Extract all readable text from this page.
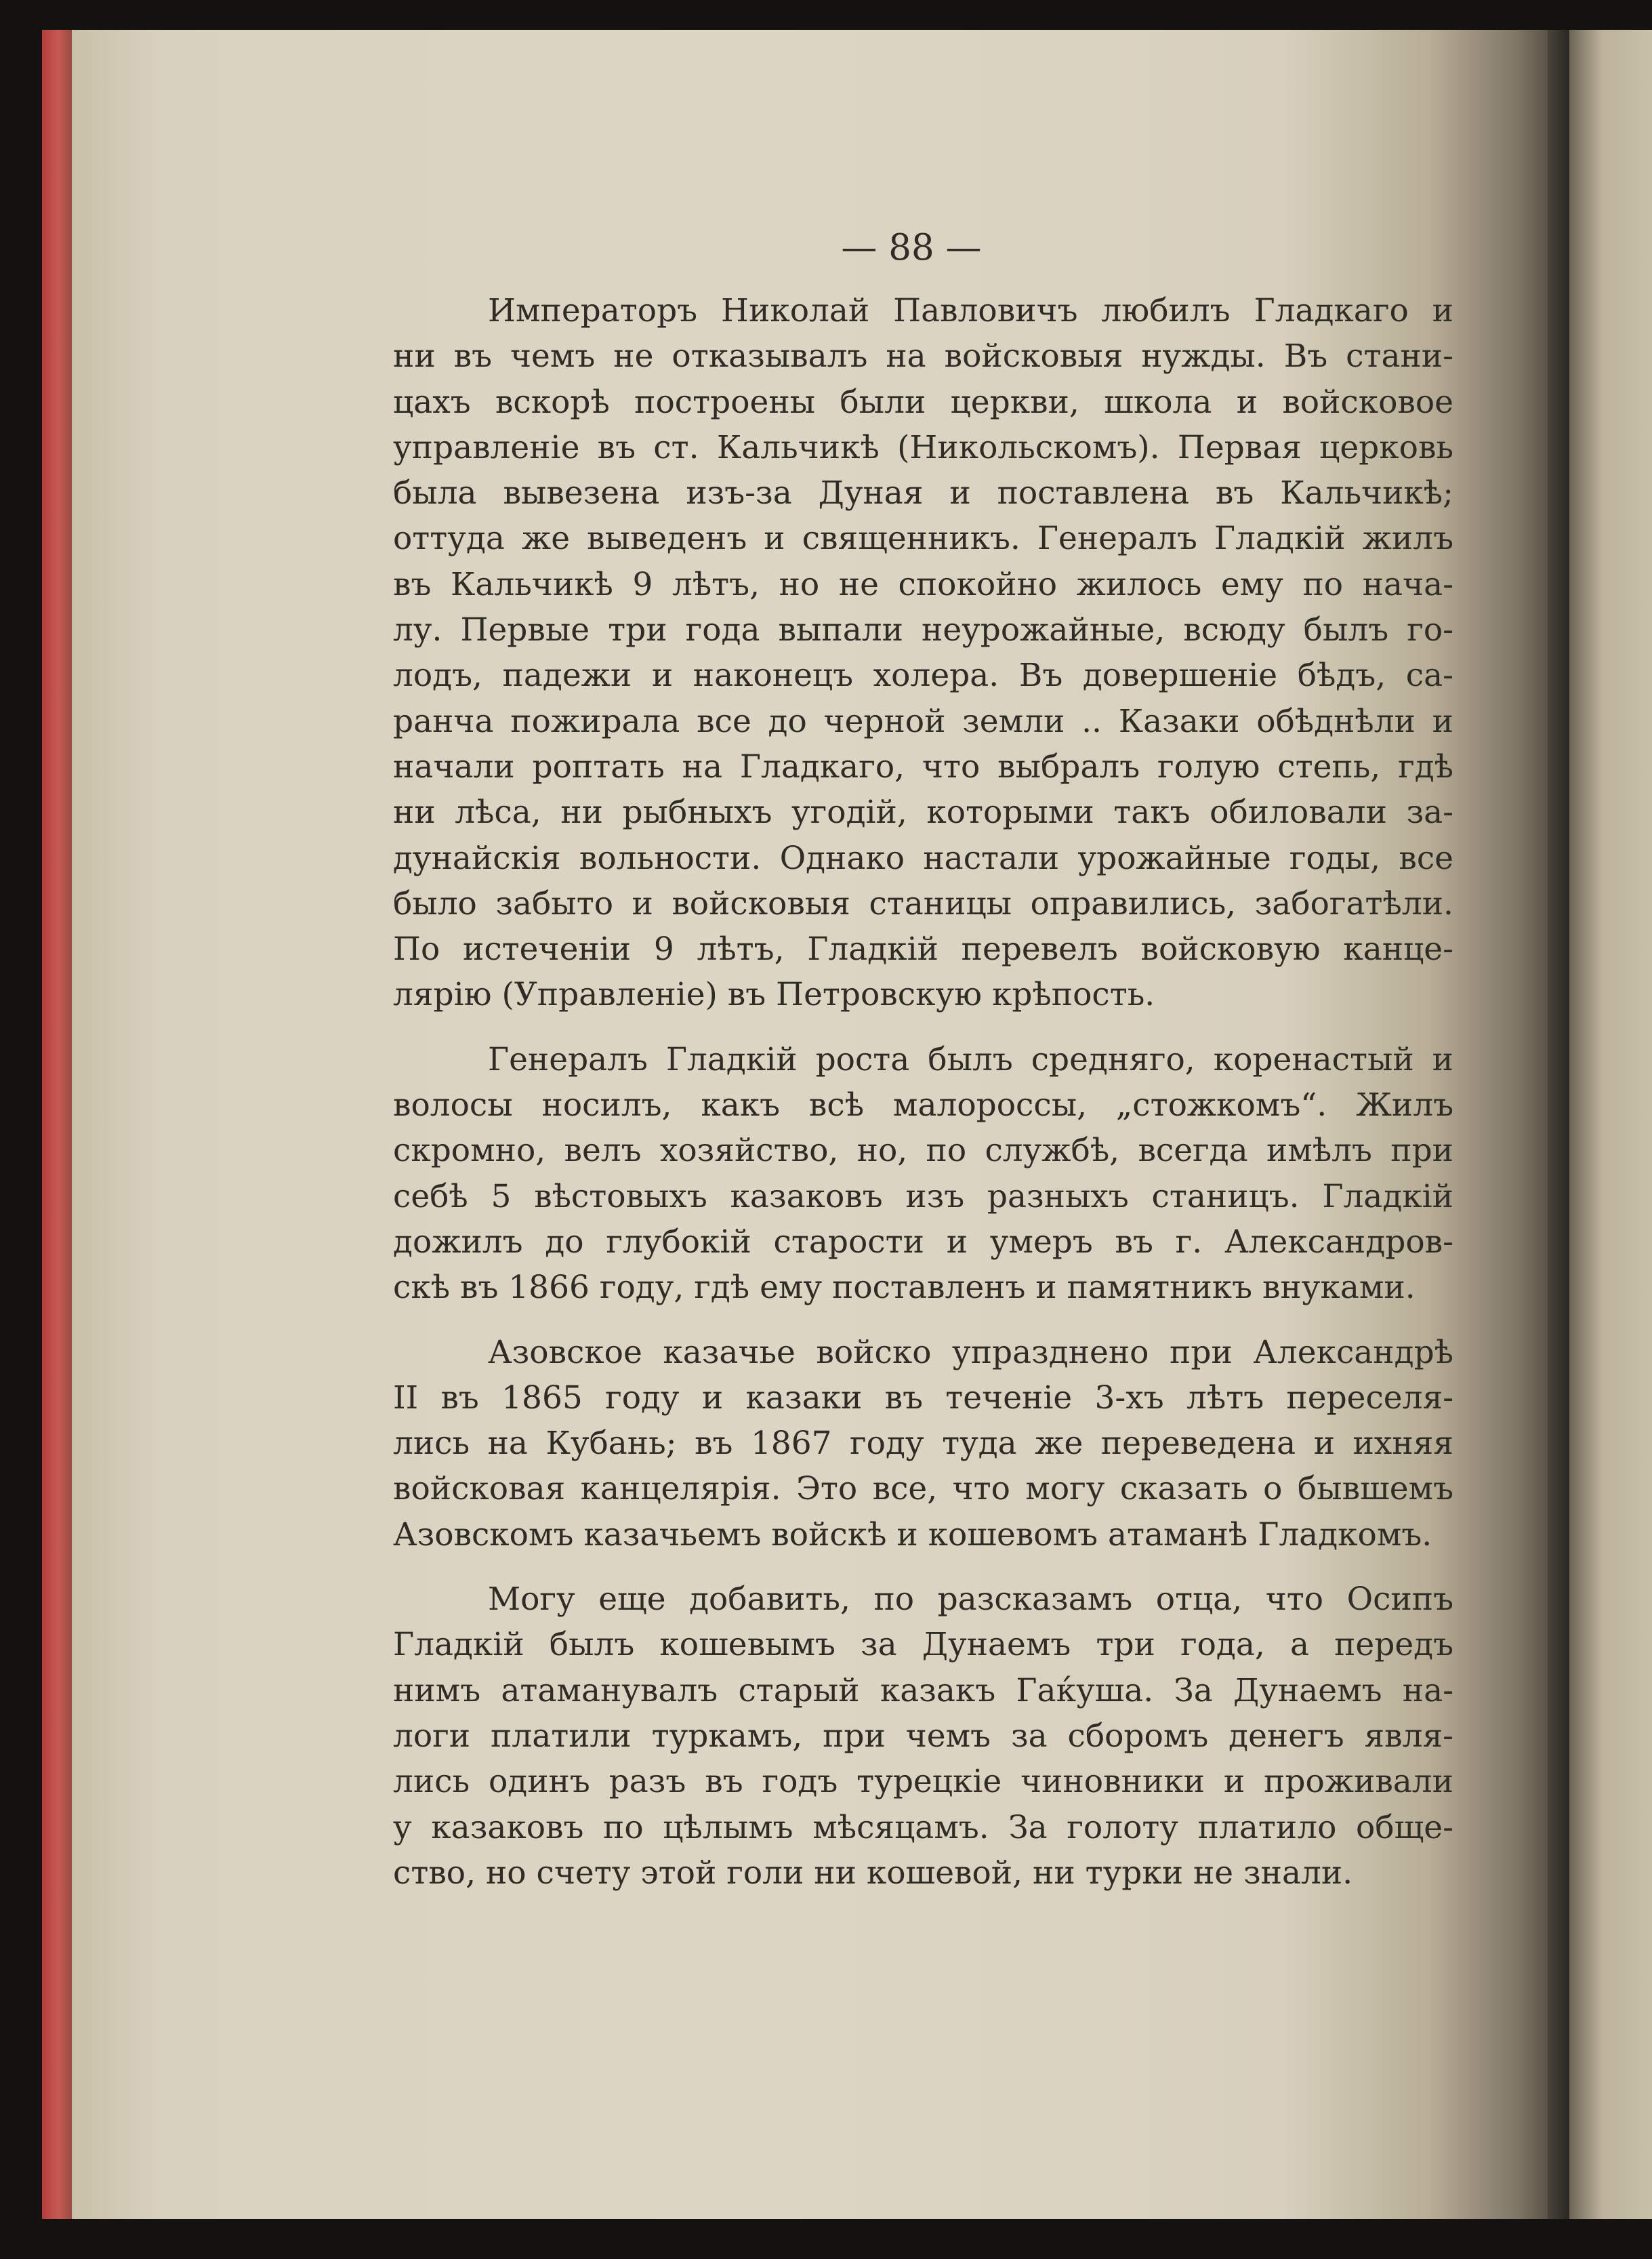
— 88 —
Императоръ Николай Павловичъ любилъ Гладкаго и
ни въ чемъ не отказывалъ на войсковыя нужды. Въ стани-
цахъ вскорѣ построены были церкви, школа и войсковое
управленіе въ ст. Кальчикѣ (Никольскомъ). Первая церковь
была вывезена изъ-за Дуная и поставлена въ Кальчикѣ;
оттуда же выведенъ и священникъ. Генералъ Гладкій жилъ
въ Кальчикѣ 9 лѣтъ, но не спокойно жилось ему по нача-
лу. Первые три года выпали неурожайные, всюду былъ го-
лодъ, падежи и наконецъ холера. Въ довершеніе бѣдъ, са-
ранча пожирала все до черной земли .. Казаки обѣднѣли и
начали роптать на Гладкаго, что выбралъ голую степь, гдѣ
ни лѣса, ни рыбныхъ угодій, которыми такъ обиловали за-
дунайскія вольности. Однако настали урожайные годы, все
было забыто и войсковыя станицы оправились, забогатѣли.
По истеченіи 9 лѣтъ, Гладкій перевелъ войсковую канце-
лярію (Управленіе) въ Петровскую крѣпость.
Генералъ Гладкій роста былъ средняго, коренастый и
волосы носилъ, какъ всѣ малороссы, „стожкомъ“. Жилъ
скромно, велъ хозяйство, но, по службѣ, всегда имѣлъ при
себѣ 5 вѣстовыхъ казаковъ изъ разныхъ станицъ. Гладкій
дожилъ до глубокій старости и умеръ въ г. Александров-
скѣ въ 1866 году, гдѣ ему поставленъ и памятникъ внуками.
Азовское казачье войско упразднено при Александрѣ
II въ 1865 году и казаки въ теченіе 3-хъ лѣтъ переселя-
лись на Кубань; въ 1867 году туда же переведена и ихняя
войсковая канцелярія. Это все, что могу сказать о бывшемъ
Азовскомъ казачьемъ войскѣ и кошевомъ атаманѣ Гладкомъ.
Могу еще добавить, по разсказамъ отца, что Осипъ
Гладкій былъ кошевымъ за Дунаемъ три года, а передъ
нимъ атаманувалъ старый казакъ Гаќуша. За Дунаемъ на-
логи платили туркамъ, при чемъ за сборомъ денегъ явля-
лись одинъ разъ въ годъ турецкіе чиновники и проживали
у казаковъ по цѣлымъ мѣсяцамъ. За голоту платило обще-
ство, но счету этой голи ни кошевой, ни турки не знали.
